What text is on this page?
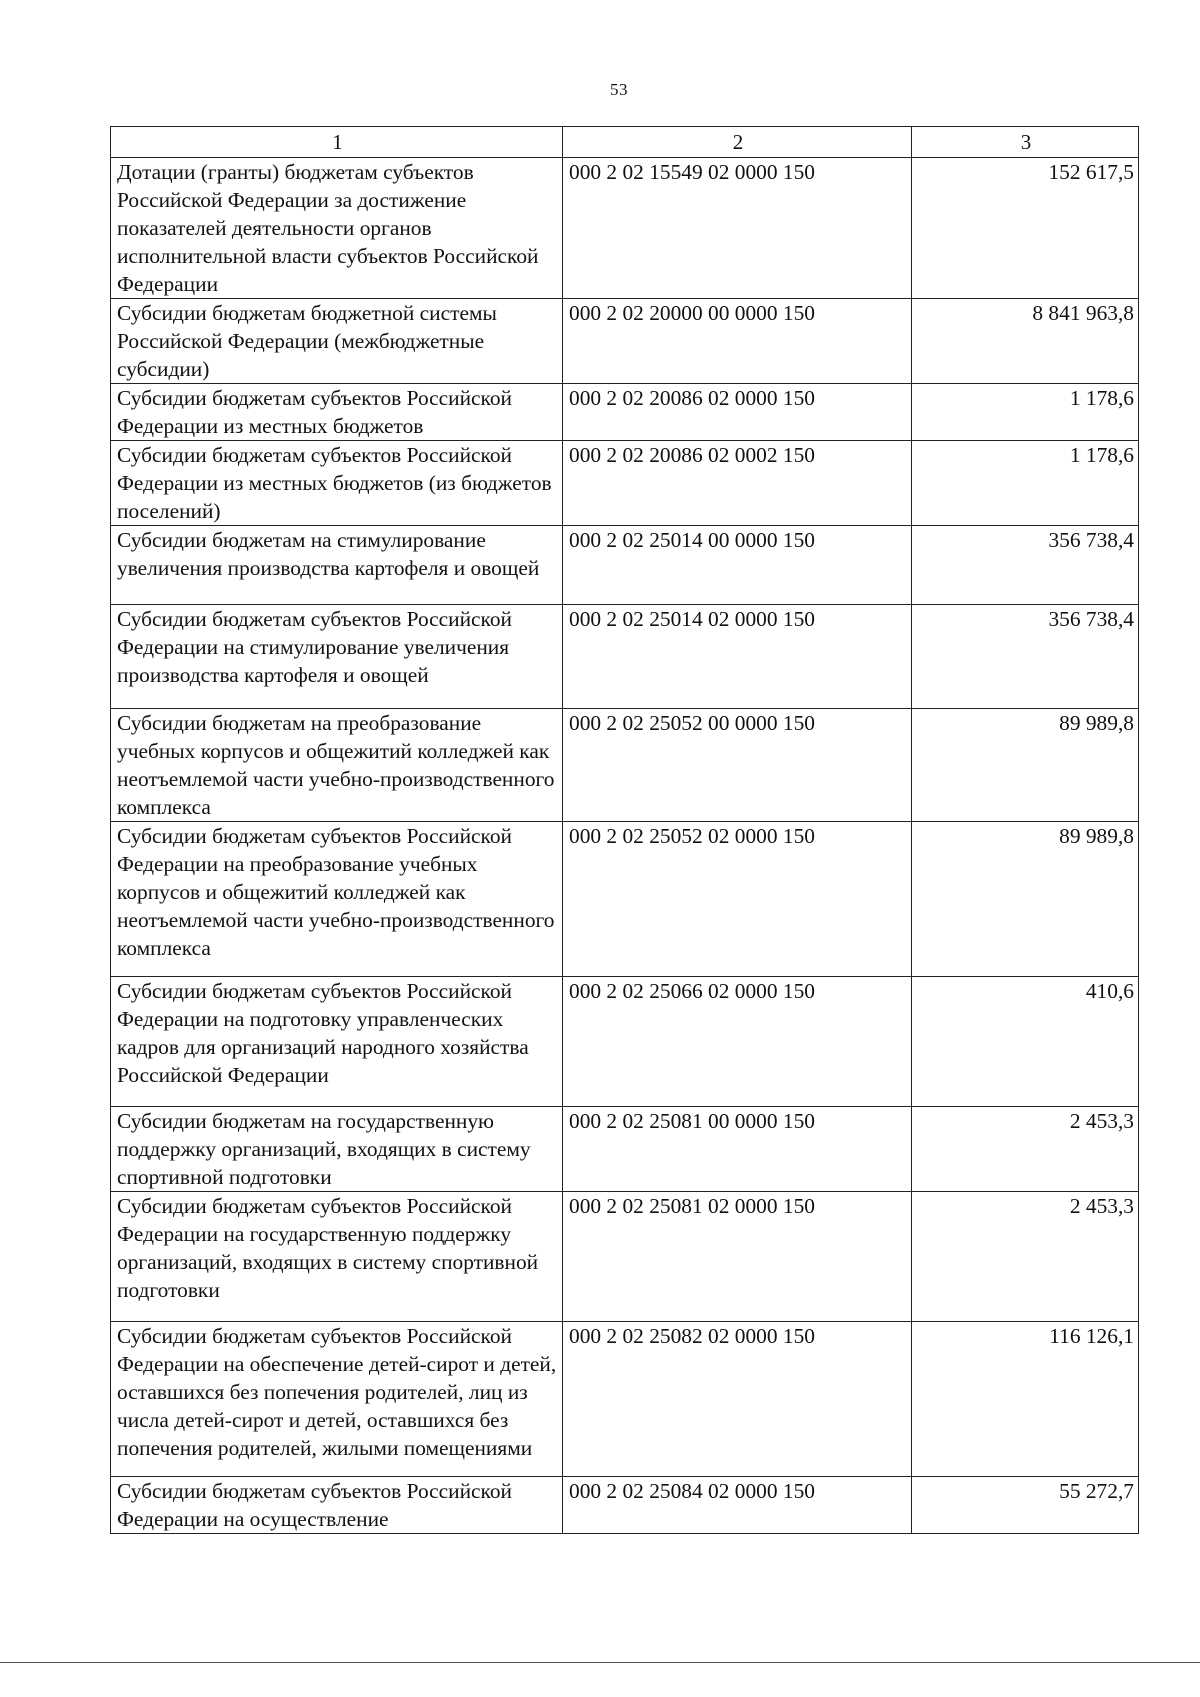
53
1	2	3
Дотации (гранты) бюджетам субъектов Российской Федерации за достижение показателей деятельности органов исполнительной власти субъектов Российской Федерации	000 2 02 15549 02 0000 150	152 617,5
Субсидии бюджетам бюджетной системы Российской Федерации (межбюджетные субсидии)	000 2 02 20000 00 0000 150	8 841 963,8
Субсидии бюджетам субъектов Российской Федерации из местных бюджетов	000 2 02 20086 02 0000 150	1 178,6
Субсидии бюджетам субъектов Российской Федерации из местных бюджетов (из бюджетов поселений)	000 2 02 20086 02 0002 150	1 178,6
Субсидии бюджетам на стимулирование увеличения производства картофеля и овощей	000 2 02 25014 00 0000 150	356 738,4
Субсидии бюджетам субъектов Российской Федерации на стимулирование увеличения производства картофеля и овощей	000 2 02 25014 02 0000 150	356 738,4
Субсидии бюджетам на преобразование учебных корпусов и общежитий колледжей как неотъемлемой части учебно-производственного комплекса	000 2 02 25052 00 0000 150	89 989,8
Субсидии бюджетам субъектов Российской Федерации на преобразование учебных корпусов и общежитий колледжей как неотъемлемой части учебно-производственного комплекса	000 2 02 25052 02 0000 150	89 989,8
Субсидии бюджетам субъектов Российской Федерации на подготовку управленческих кадров для организаций народного хозяйства Российской Федерации	000 2 02 25066 02 0000 150	410,6
Субсидии бюджетам на государственную поддержку организаций, входящих в систему спортивной подготовки	000 2 02 25081 00 0000 150	2 453,3
Субсидии бюджетам субъектов Российской Федерации на государственную поддержку организаций, входящих в систему спортивной подготовки	000 2 02 25081 02 0000 150	2 453,3
Субсидии бюджетам субъектов Российской Федерации на обеспечение детей-сирот и детей, оставшихся без попечения родителей, лиц из числа детей-сирот и детей, оставшихся без попечения родителей, жилыми помещениями	000 2 02 25082 02 0000 150	116 126,1
Субсидии бюджетам субъектов Российской Федерации на осуществление	000 2 02 25084 02 0000 150	55 272,7
